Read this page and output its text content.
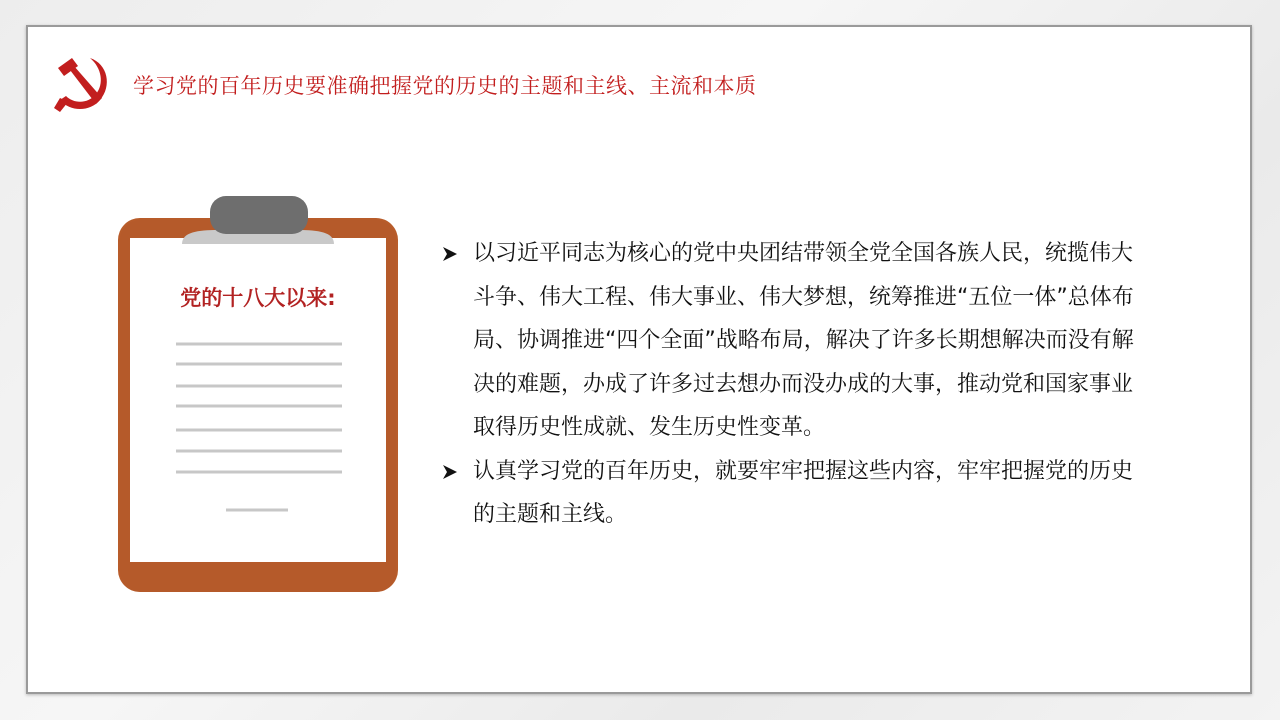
学习党的百年历史要准确把握党的历史的主题和主线、主流和本质
党的十八大以来:
以习近平同志为核心的党中央团结带领全党全国各族人民，统揽伟大斗争、伟大工程、伟大事业、伟大梦想，统筹推进“五位一体”总体布局、协调推进“四个全面”战略布局，解决了许多长期想解决而没有解决的难题，办成了许多过去想办而没办成的大事，推动党和国家事业取得历史性成就、发生历史性变革。
认真学习党的百年历史，就要牢牢把握这些内容，牢牢把握党的历史的主题和主线。
